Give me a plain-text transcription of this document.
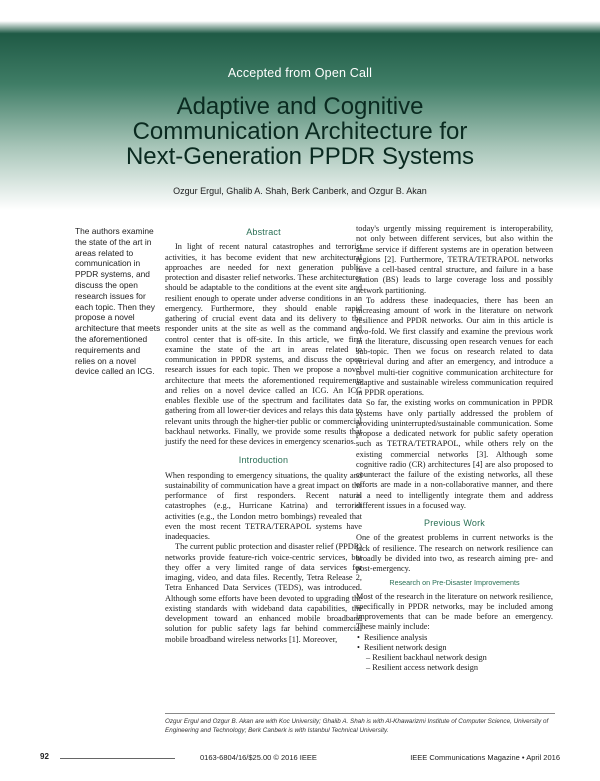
Accepted from Open Call
Adaptive and Cognitive
Communication Architecture for
Next-Generation PPDR Systems
Ozgur Ergul, Ghalib A. Shah, Berk Canberk, and Ozgur B. Akan
The authors examine the state of the art in areas related to communication in PPDR systems, and discuss the open research issues for each topic. Then they propose a novel architecture that meets the aforementioned requirements and relies on a novel device called an ICG.
Abstract

In light of recent natural catastrophes and terrorist activities, it has become evident that new architectural approaches are needed for next generation public protection and disaster relief networks. These architectures should be adaptable to the conditions at the event site and resilient enough to operate under adverse conditions in an emergency. Furthermore, they should enable rapid gathering of crucial event data and its delivery to the responder units at the site as well as the command and control center that is off-site. In this article, we first examine the state of the art in areas related to communication in PPDR systems, and discuss the open research issues for each topic. Then we propose a novel architecture that meets the aforementioned requirements and relies on a novel device called an ICG. An ICG enables flexible use of the spectrum and facilitates data gathering from all lower-tier devices and relays this data to relevant units through the higher-tier public or commercial backhaul networks. Finally, we provide some results that justify the need for these devices in emergency scenarios.

Introduction

When responding to emergency situations, the quality and sustainability of communication have a great impact on the performance of first responders. Recent natural catastrophes (e.g., Hurricane Katrina) and terrorist activities (e.g., the London metro bombings) revealed that even the most recent TETRA/TERAPOL systems have inadequacies.

The current public protection and disaster relief (PPDR) networks provide feature-rich voice-centric services, but they offer a very limited range of data services for imaging, video, and data files. Recently, Tetra Release 2, Tetra Enhanced Data Services (TEDS), was introduced. Although some efforts have been devoted to upgrading the existing standards with wideband data capabilities, the development toward an enhanced mobile broadband solution for public safety lags far behind commercial mobile broadband wireless networks [1]. Moreover,

today's urgently missing requirement is interoperability, not only between different services, but also within the same service if different systems are in operation between regions [2]. Furthermore, TETRA/TETRAPOL networks have a cell-based central structure, and failure in a base station (BS) leads to large coverage loss and possibly network partitioning.

To address these inadequacies, there has been an increasing amount of work in the literature on network resilience and PPDR networks. Our aim in this article is two-fold. We first classify and examine the previous work in the literature, discussing open research venues for each sub-topic. Then we focus on research related to data retrieval during and after an emergency, and introduce a novel multi-tier cognitive communication architecture for adaptive and sustainable wireless communication required in PPDR operations.

So far, the existing works on communication in PPDR systems have only partially addressed the problem of providing uninterrupted/sustainable communication. Some propose a dedicated network for public safety operation such as TETRA/TETRAPOL, while others rely on the existing commercial networks [3]. Although some cognitive radio (CR) architectures [4] are also proposed to counteract the failure of the existing networks, all these efforts are made in a non-collaborative manner, and there is a need to intelligently integrate them and address different issues in a focused way.

Previous Work

One of the greatest problems in current networks is the lack of resilience. The research on network resilience can broadly be divided into two, as research aiming pre- and post-emergency.

Research on Pre-Disaster Improvements

Most of the research in the literature on network resilience, specifically in PPDR networks, may be included among improvements that can be made before an emergency. These mainly include:

• Resilience analysis
• Resilient network design
– Resilient backhaul network design
– Resilient access network design
Ozgur Ergul and Ozgur B. Akan are with Koc University; Ghalib A. Shah is with Al-Khawarizmi Institute of Computer Science, University of Engineering and Technology; Berk Canberk is with Istanbul Technical University.
92	0163-6804/16/$25.00 © 2016 IEEE	IEEE Communications Magazine • April 2016
